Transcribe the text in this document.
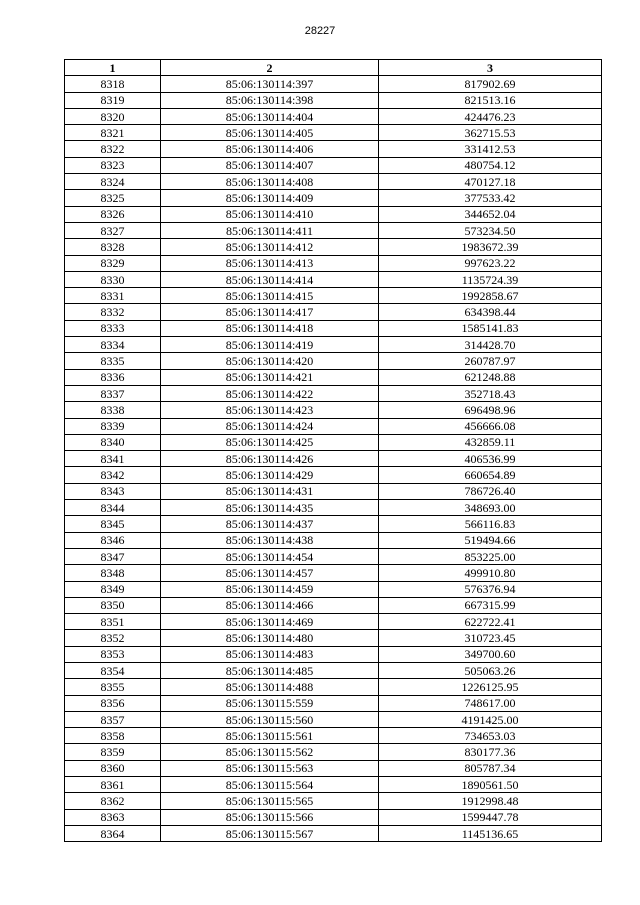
28227
1	2	3
8318	85:06:130114:397	817902.69
8319	85:06:130114:398	821513.16
8320	85:06:130114:404	424476.23
8321	85:06:130114:405	362715.53
8322	85:06:130114:406	331412.53
8323	85:06:130114:407	480754.12
8324	85:06:130114:408	470127.18
8325	85:06:130114:409	377533.42
8326	85:06:130114:410	344652.04
8327	85:06:130114:411	573234.50
8328	85:06:130114:412	1983672.39
8329	85:06:130114:413	997623.22
8330	85:06:130114:414	1135724.39
8331	85:06:130114:415	1992858.67
8332	85:06:130114:417	634398.44
8333	85:06:130114:418	1585141.83
8334	85:06:130114:419	314428.70
8335	85:06:130114:420	260787.97
8336	85:06:130114:421	621248.88
8337	85:06:130114:422	352718.43
8338	85:06:130114:423	696498.96
8339	85:06:130114:424	456666.08
8340	85:06:130114:425	432859.11
8341	85:06:130114:426	406536.99
8342	85:06:130114:429	660654.89
8343	85:06:130114:431	786726.40
8344	85:06:130114:435	348693.00
8345	85:06:130114:437	566116.83
8346	85:06:130114:438	519494.66
8347	85:06:130114:454	853225.00
8348	85:06:130114:457	499910.80
8349	85:06:130114:459	576376.94
8350	85:06:130114:466	667315.99
8351	85:06:130114:469	622722.41
8352	85:06:130114:480	310723.45
8353	85:06:130114:483	349700.60
8354	85:06:130114:485	505063.26
8355	85:06:130114:488	1226125.95
8356	85:06:130115:559	748617.00
8357	85:06:130115:560	4191425.00
8358	85:06:130115:561	734653.03
8359	85:06:130115:562	830177.36
8360	85:06:130115:563	805787.34
8361	85:06:130115:564	1890561.50
8362	85:06:130115:565	1912998.48
8363	85:06:130115:566	1599447.78
8364	85:06:130115:567	1145136.65
